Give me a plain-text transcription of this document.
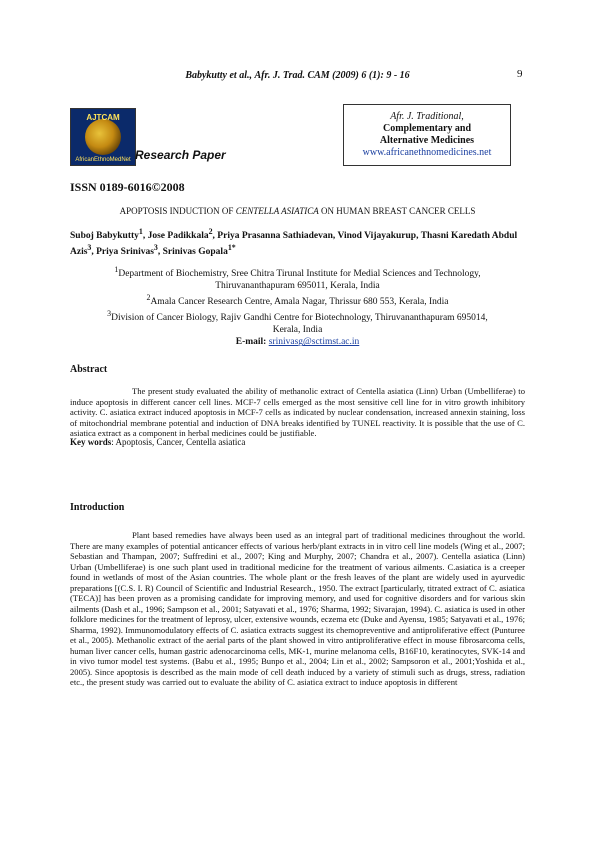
Babykutty et al., Afr. J. Trad. CAM (2009) 6 (1): 9 - 16	9
AJTCAM
AfricanEthnoMedNet Research Paper
Afr. J. Traditional,
Complementary and
Alternative Medicines
www.africanethnomedicines.net
ISSN 0189-6016©2008
APOPTOSIS INDUCTION OF CENTELLA ASIATICA ON HUMAN BREAST CANCER CELLS
Suboj Babykutty$^1$, Jose Padikkala$^2$, Priya Prasanna Sathiadevan, Vinod Vijayakurup, Thasni Karedath Abdul Azis$^3$, Priya Srinivas$^3$, Srinivas Gopala$^{1*}$
$^1$Department of Biochemistry, Sree Chitra Tirunal Institute for Medial Sciences and Technology,
Thiruvananthapuram 695011, Kerala, India
$^2$Amala Cancer Research Centre, Amala Nagar, Thrissur 680 553, Kerala, India
$^3$Division of Cancer Biology, Rajiv Gandhi Centre for Biotechnology, Thiruvananthapuram 695014,
Kerala, India
E-mail: srinivasg@sctimst.ac.in
Abstract

The present study evaluated the ability of methanolic extract of Centella asiatica (Linn) Urban (Umbelliferae) to induce apoptosis in different cancer cell lines. MCF-7 cells emerged as the most sensitive cell line for in vitro growth inhibitory activity. C. asiatica extract induced apoptosis in MCF-7 cells as indicated by nuclear condensation, increased annexin staining, loss of mitochondrial membrane potential and induction of DNA breaks identified by TUNEL reactivity. It is possible that the use of C. asiatica extract as a component in herbal medicines could be justifiable.

Key words: Apoptosis, Cancer, Centella asiatica
Introduction

Plant based remedies have always been used as an integral part of traditional medicines throughout the world. There are many examples of potential anticancer effects of various herb/plant extracts in in vitro cell line models (Wing et al., 2007; Sebastian and Thampan, 2007; Suffredini et al., 2007; King and Murphy, 2007; Chandra et al., 2007). Centella asiatica (Linn) Urban (Umbelliferae) is one such plant used in traditional medicine for the treatment of various ailments. C.asiatica is a creeper found in wetlands of most of the Asian countries. The whole plant or the fresh leaves of the plant are widely used in ayurvedic preparations [(C.S. I. R) Council of Scientific and Industrial Research., 1950. The extract [particularly, titrated extract of C. asiatica (TECA)] has been proven as a promising candidate for improving memory, and used for cognitive disorders and for various skin ailments (Dash et al., 1996; Sampson et al., 2001; Satyavati et al., 1976; Sharma, 1992; Sivarajan, 1994). C. asiatica is used in other folklore medicines for the treatment of leprosy, ulcer, extensive wounds, eczema etc (Duke and Ayensu, 1985; Satyavati et al., 1976; Sharma, 1992). Immunomodulatory effects of C. asiatica extracts suggest its chemopreventive and antiproliferative effect (Punturee et al., 2005). Methanolic extract of the aerial parts of the plant showed in vitro antiproliferative effect in mouse fibrosarcoma cells, human liver cancer cells, human gastric adenocarcinoma cells, MK-1, murine melanoma cells, B16F10, keratinocytes, SVK-14 and in vivo tumor model test systems. (Babu et al., 1995; Bunpo et al., 2004; Lin et al., 2002; Sampsoron et al., 2001;Yoshida et al., 2005). Since apoptosis is described as the main mode of cell death induced by a variety of stimuli such as drugs, stress, radiation etc., the present study was carried out to evaluate the ability of C. asiatica extract to induce apoptosis in different
